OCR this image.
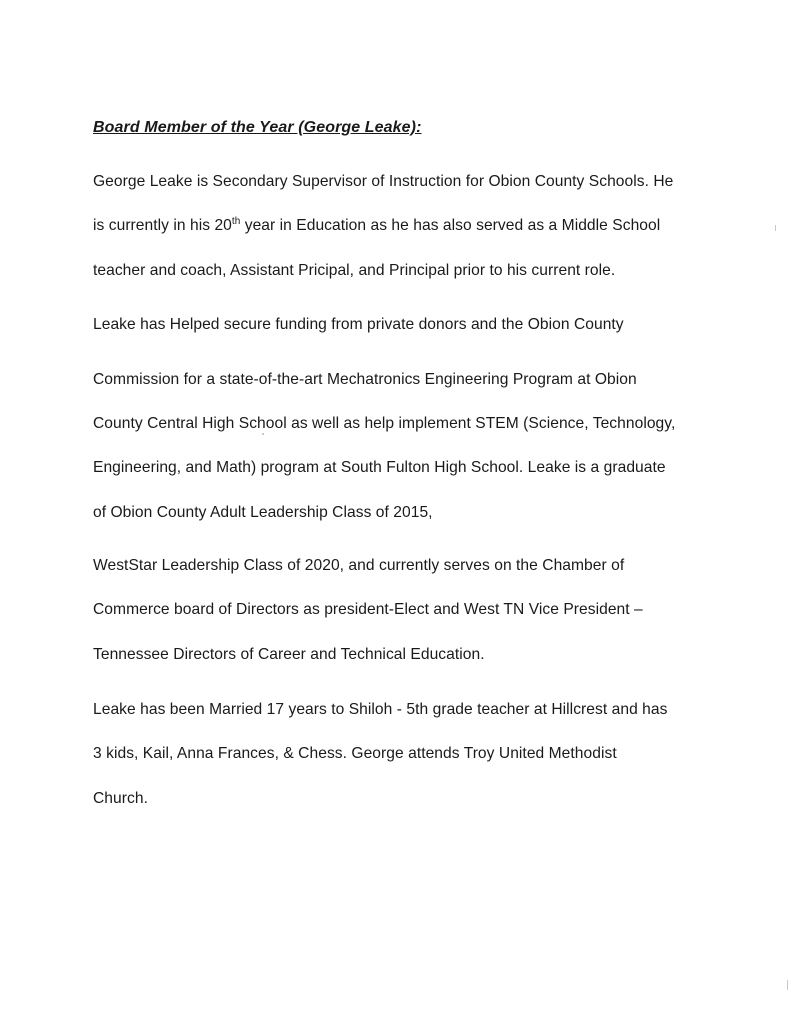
Board Member of the Year (George Leake):
George Leake is Secondary Supervisor of Instruction for Obion County Schools. He
is currently in his 20th year in Education as he has also served as a Middle School
teacher and coach, Assistant Pricipal, and Principal prior to his current role.
Leake has Helped secure funding from private donors and the Obion County
Commission for a state-of-the-art Mechatronics Engineering Program at Obion
County Central High School as well as help implement STEM (Science, Technology,
Engineering, and Math) program at South Fulton High School. Leake is a graduate
of Obion County Adult Leadership Class of 2015,
WestStar Leadership Class of 2020, and currently serves on the Chamber of
Commerce board of Directors as president-Elect and West TN Vice President –
Tennessee Directors of Career and Technical Education.
Leake has been Married 17 years to Shiloh - 5th grade teacher at Hillcrest and has
3 kids, Kail, Anna Frances, & Chess. George attends Troy United Methodist
Church.
